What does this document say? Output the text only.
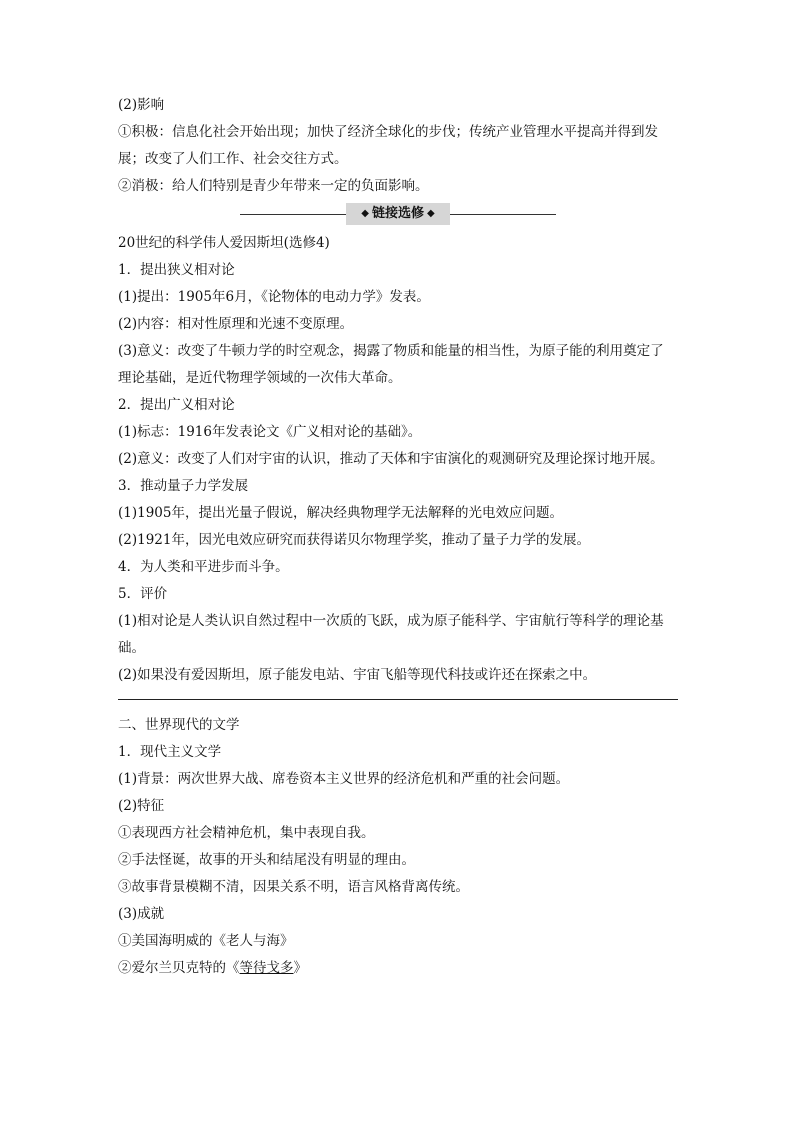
(2)影响
①积极：信息化社会开始出现；加快了经济全球化的步伐；传统产业管理水平提高并得到发
展；改变了人们工作、社会交往方式。
②消极：给人们特别是青少年带来一定的负面影响。
◆ 链接选修 ◆
20世纪的科学伟人爱因斯坦(选修4)
1．提出狭义相对论
(1)提出：1905年6月，《论物体的电动力学》发表。
(2)内容：相对性原理和光速不变原理。
(3)意义：改变了牛顿力学的时空观念，揭露了物质和能量的相当性，为原子能的利用奠定了
理论基础，是近代物理学领域的一次伟大革命。
2．提出广义相对论
(1)标志：1916年发表论文《广义相对论的基础》。
(2)意义：改变了人们对宇宙的认识，推动了天体和宇宙演化的观测研究及理论探讨地开展。
3．推动量子力学发展
(1)1905年，提出光量子假说，解决经典物理学无法解释的光电效应问题。
(2)1921年，因光电效应研究而获得诺贝尔物理学奖，推动了量子力学的发展。
4．为人类和平进步而斗争。
5．评价
(1)相对论是人类认识自然过程中一次质的飞跃，成为原子能科学、宇宙航行等科学的理论基
础。
(2)如果没有爱因斯坦，原子能发电站、宇宙飞船等现代科技或许还在探索之中。
二、世界现代的文学
1．现代主义文学
(1)背景：两次世界大战、席卷资本主义世界的经济危机和严重的社会问题。
(2)特征
①表现西方社会精神危机，集中表现自我。
②手法怪诞，故事的开头和结尾没有明显的理由。
③故事背景模糊不清，因果关系不明，语言风格背离传统。
(3)成就
①美国海明威的《老人与海》
②爱尔兰贝克特的《等待戈多》
